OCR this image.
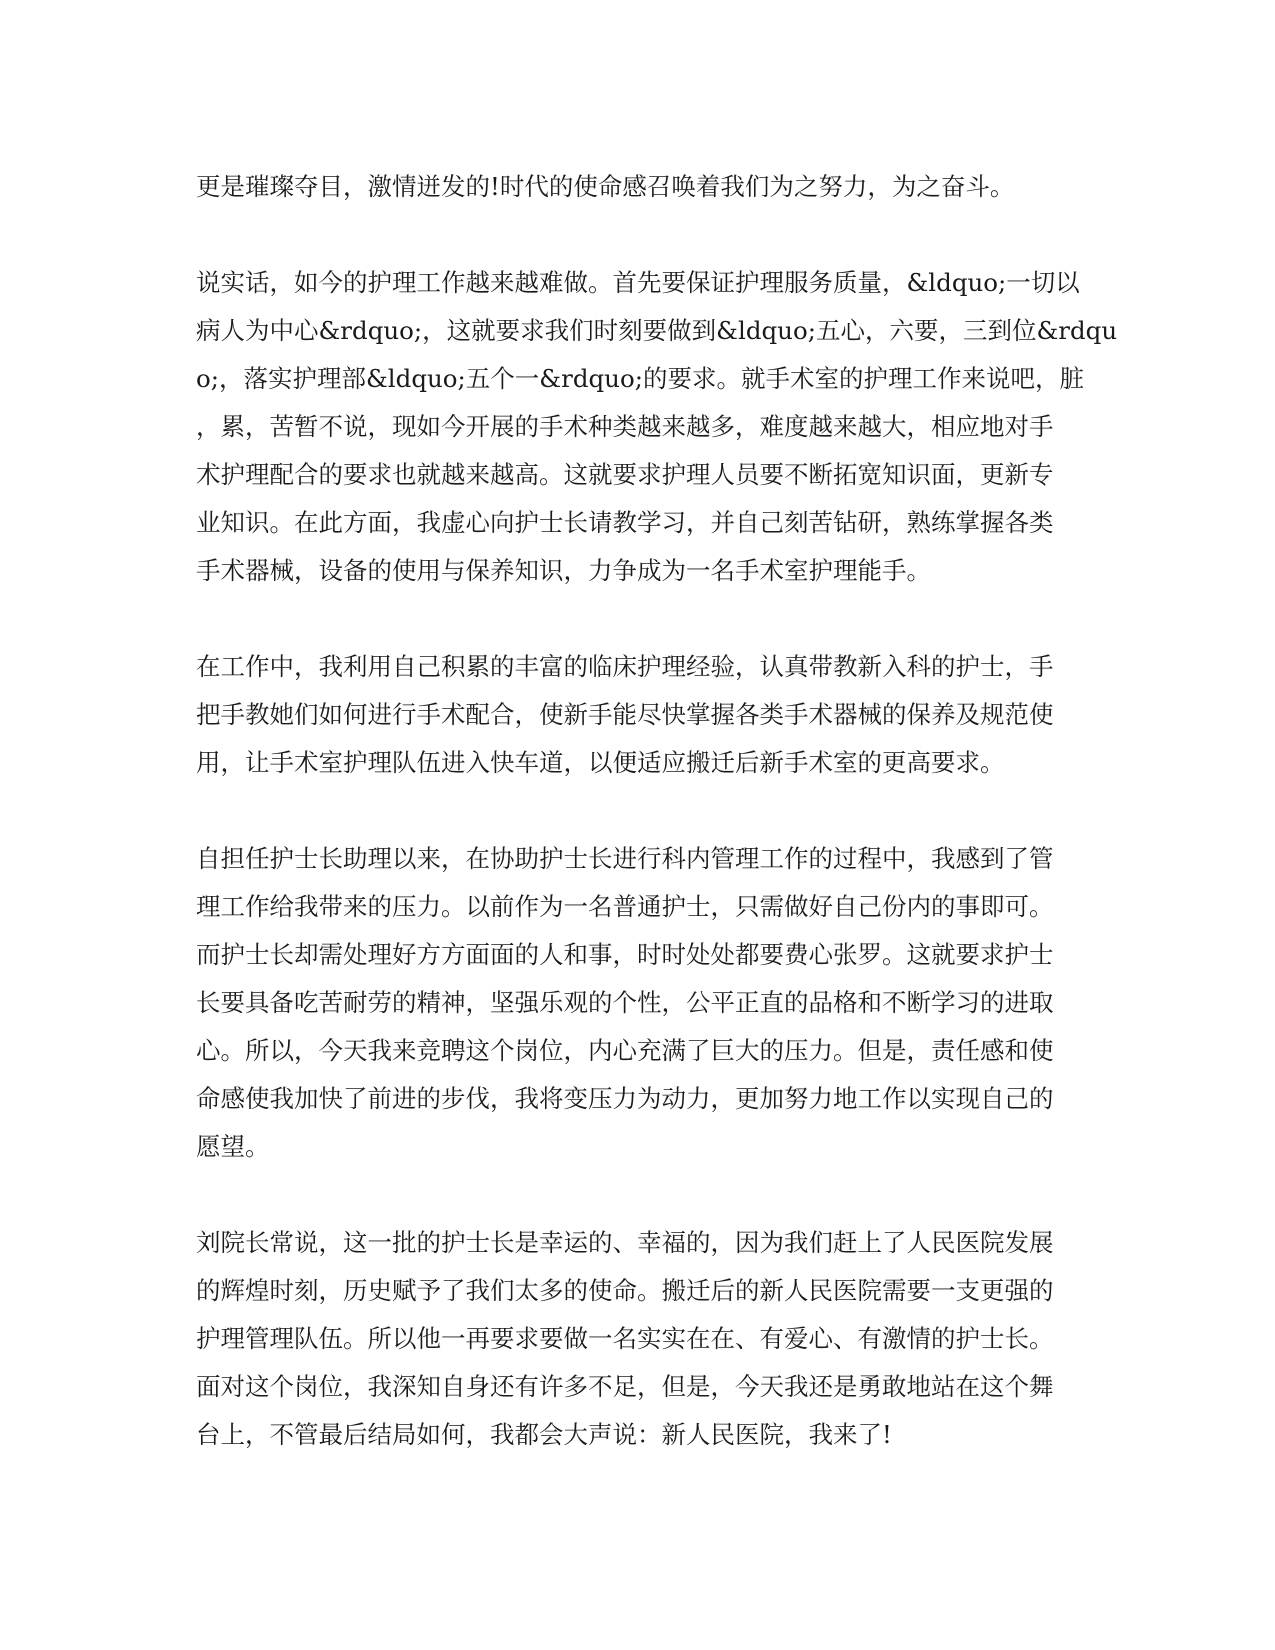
更是璀璨夺目，激情迸发的!时代的使命感召唤着我们为之努力，为之奋斗。
说实话，如今的护理工作越来越难做。首先要保证护理服务质量，&ldquo;一切以
病人为中心&rdquo;，这就要求我们时刻要做到&ldquo;五心，六要，三到位&rdqu
o;，落实护理部&ldquo;五个一&rdquo;的要求。就手术室的护理工作来说吧，脏
，累，苦暂不说，现如今开展的手术种类越来越多，难度越来越大，相应地对手
术护理配合的要求也就越来越高。这就要求护理人员要不断拓宽知识面，更新专
业知识。在此方面，我虚心向护士长请教学习，并自己刻苦钻研，熟练掌握各类
手术器械，设备的使用与保养知识，力争成为一名手术室护理能手。
在工作中，我利用自己积累的丰富的临床护理经验，认真带教新入科的护士，手
把手教她们如何进行手术配合，使新手能尽快掌握各类手术器械的保养及规范使
用，让手术室护理队伍进入快车道，以便适应搬迁后新手术室的更高要求。
自担任护士长助理以来，在协助护士长进行科内管理工作的过程中，我感到了管
理工作给我带来的压力。以前作为一名普通护士，只需做好自己份内的事即可。
而护士长却需处理好方方面面的人和事，时时处处都要费心张罗。这就要求护士
长要具备吃苦耐劳的精神，坚强乐观的个性，公平正直的品格和不断学习的进取
心。所以，今天我来竞聘这个岗位，内心充满了巨大的压力。但是，责任感和使
命感使我加快了前进的步伐，我将变压力为动力，更加努力地工作以实现自己的
愿望。
刘院长常说，这一批的护士长是幸运的、幸福的，因为我们赶上了人民医院发展
的辉煌时刻，历史赋予了我们太多的使命。搬迁后的新人民医院需要一支更强的
护理管理队伍。所以他一再要求要做一名实实在在、有爱心、有激情的护士长。
面对这个岗位，我深知自身还有许多不足，但是，今天我还是勇敢地站在这个舞
台上，不管最后结局如何，我都会大声说：新人民医院，我来了!
